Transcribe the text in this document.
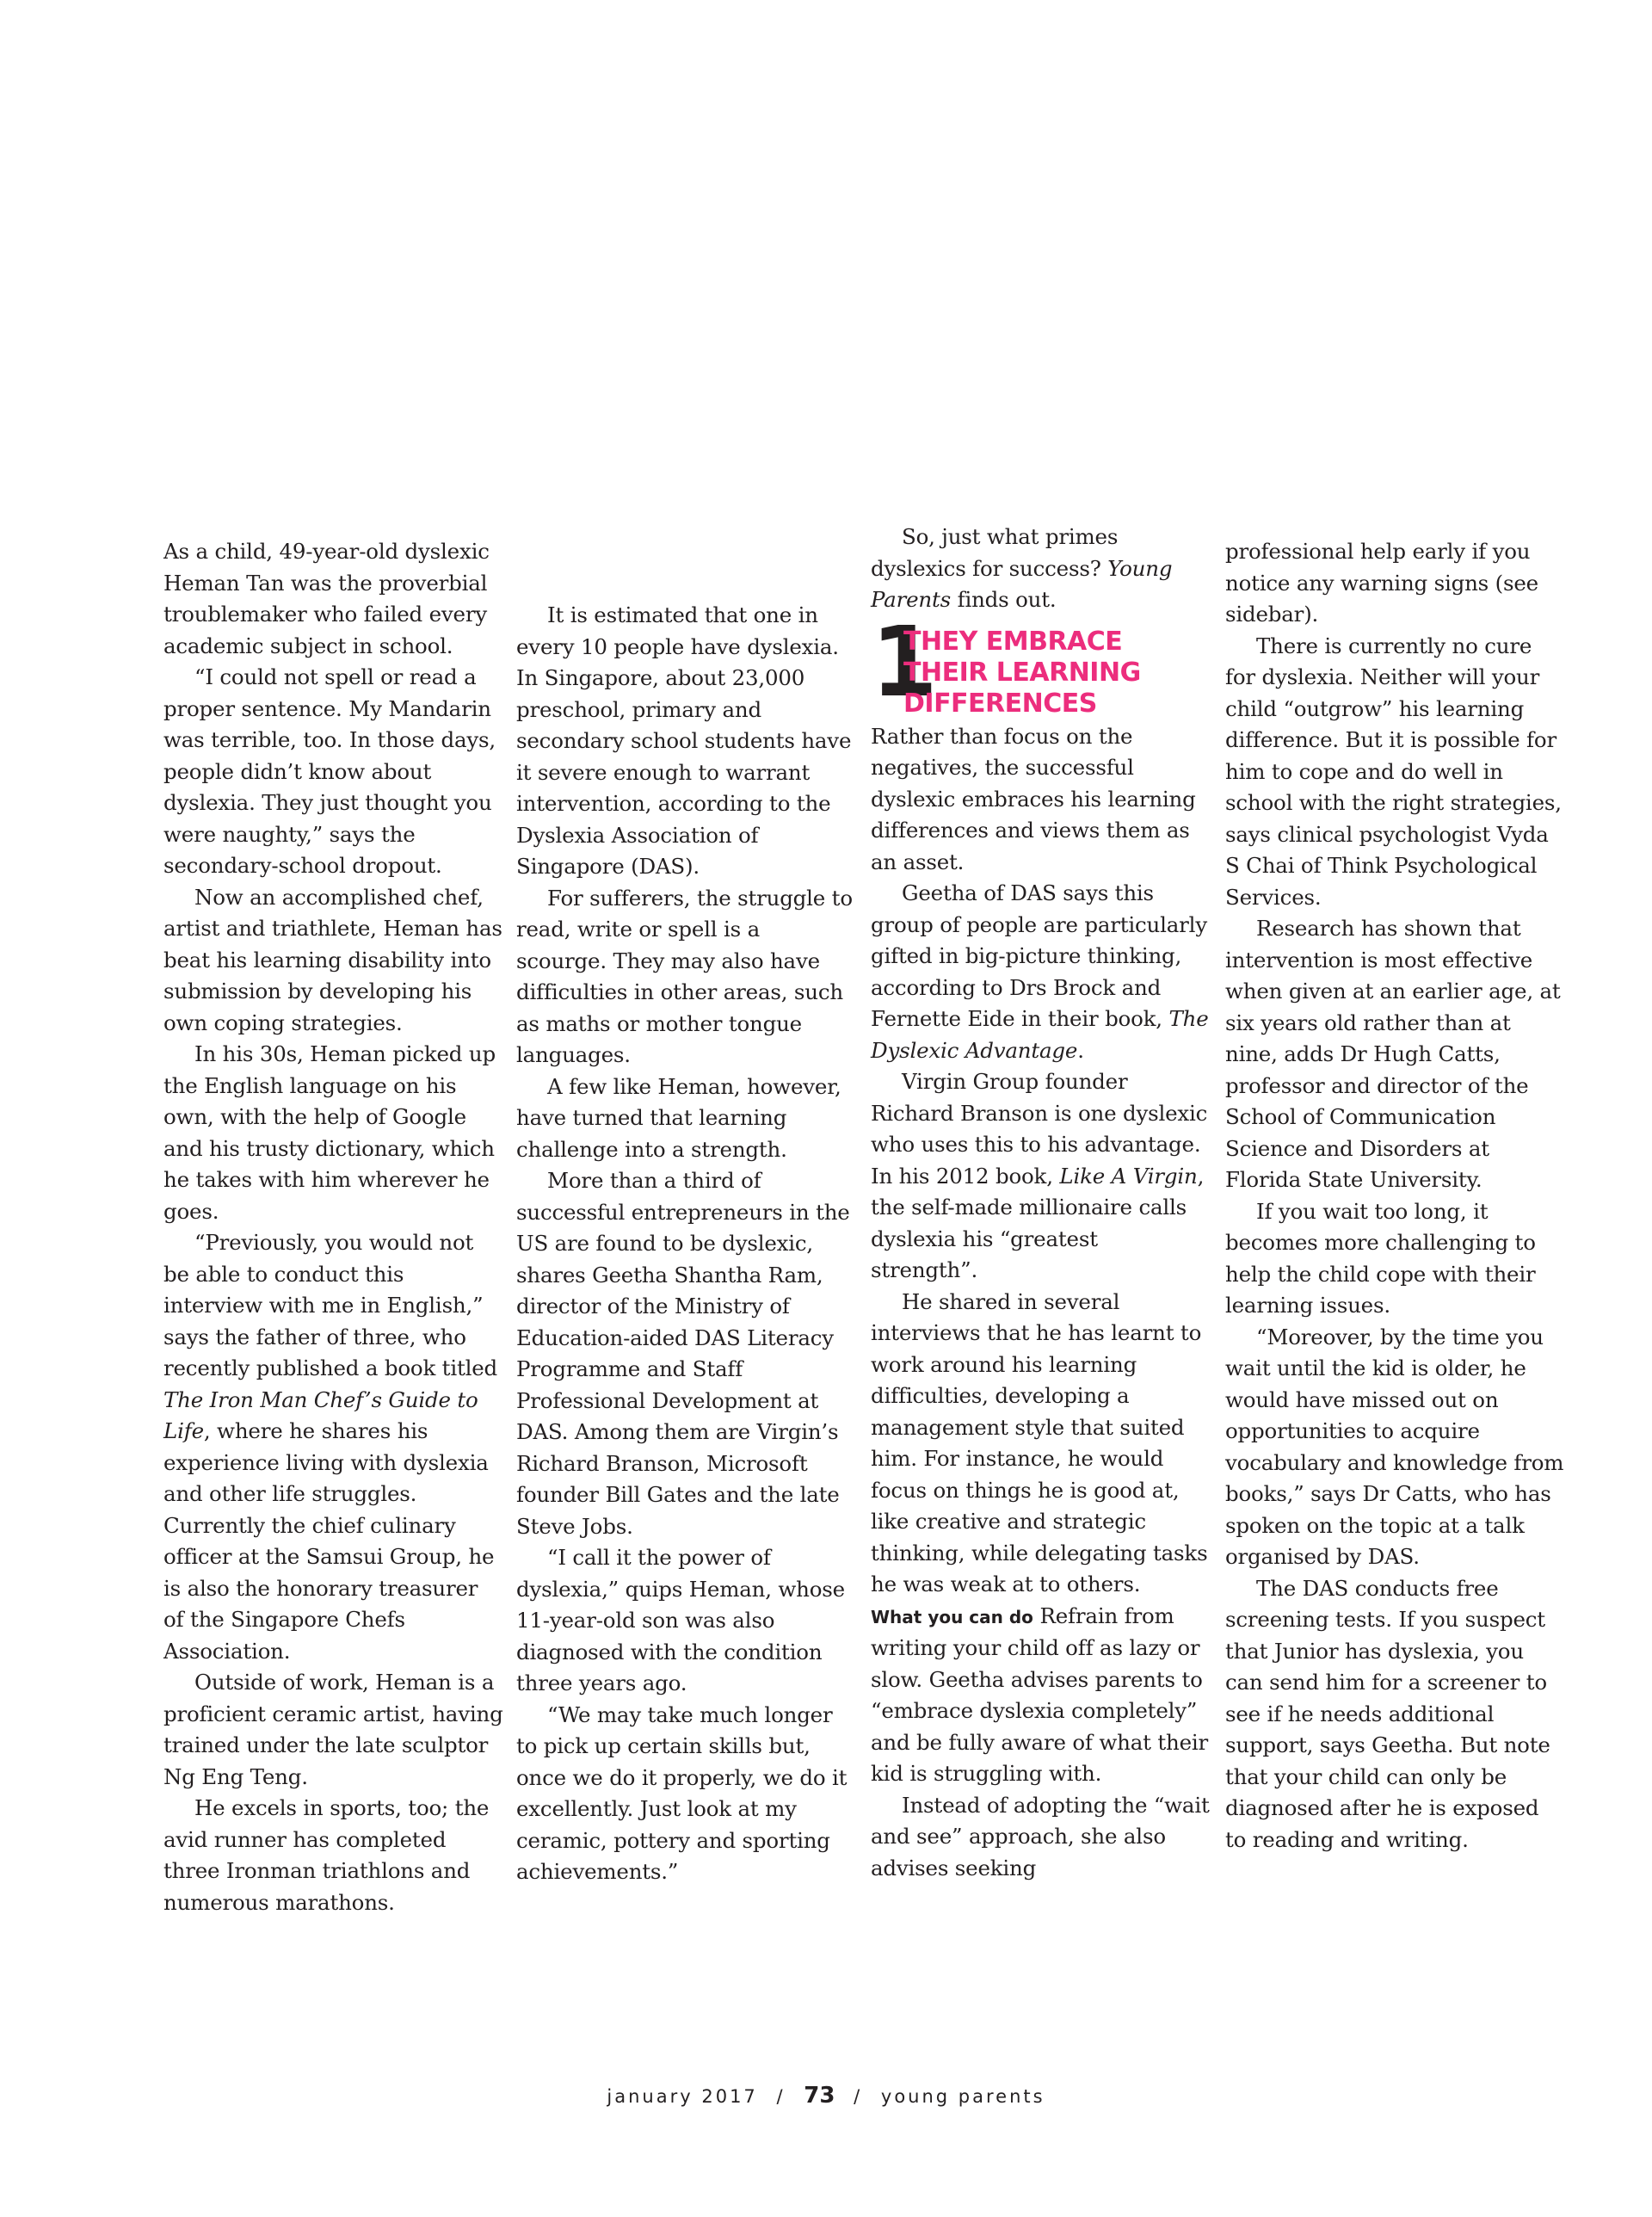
As a child, 49-year-old dyslexic Heman Tan was the proverbial troublemaker who failed every academic subject in school.

“I could not spell or read a proper sentence. My Mandarin was terrible, too. In those days, people didn’t know about dyslexia. They just thought you were naughty,” says the secondary-school dropout.

Now an accomplished chef, artist and triathlete, Heman has beat his learning disability into submission by developing his own coping strategies.

In his 30s, Heman picked up the English language on his own, with the help of Google and his trusty dictionary, which he takes with him wherever he goes.

“Previously, you would not be able to conduct this interview with me in English,” says the father of three, who recently published a book titled The Iron Man Chef’s Guide to Life, where he shares his experience living with dyslexia and other life struggles. Currently the chief culinary officer at the Samsui Group, he is also the honorary treasurer of the Singapore Chefs Association.

Outside of work, Heman is a proficient ceramic artist, having trained under the late sculptor Ng Eng Teng.

He excels in sports, too; the avid runner has completed three Ironman triathlons and numerous marathons.

It is estimated that one in every 10 people have dyslexia. In Singapore, about 23,000 preschool, primary and secondary school students have it severe enough to warrant intervention, according to the Dyslexia Association of Singapore (DAS).

For sufferers, the struggle to read, write or spell is a scourge. They may also have difficulties in other areas, such as maths or mother tongue languages.

A few like Heman, however, have turned that learning challenge into a strength.

More than a third of successful entrepreneurs in the US are found to be dyslexic, shares Geetha Shantha Ram, director of the Ministry of Education-aided DAS Literacy Programme and Staff Professional Development at DAS. Among them are Virgin’s Richard Branson, Microsoft founder Bill Gates and the late Steve Jobs.

“I call it the power of dyslexia,” quips Heman, whose 11-year-old son was also diagnosed with the condition three years ago.

“We may take much longer to pick up certain skills but, once we do it properly, we do it excellently. Just look at my ceramic, pottery and sporting achievements.”

So, just what primes dyslexics for success? Young Parents finds out.

1
THEY EMBRACE
THEIR LEARNING
DIFFERENCES

Rather than focus on the negatives, the successful dyslexic embraces his learning differences and views them as an asset.

Geetha of DAS says this group of people are particularly gifted in big-picture thinking, according to Drs Brock and Fernette Eide in their book, The Dyslexic Advantage.

Virgin Group founder Richard Branson is one dyslexic who uses this to his advantage. In his 2012 book, Like A Virgin, the self-made millionaire calls dyslexia his “greatest strength”.

He shared in several interviews that he has learnt to work around his learning difficulties, developing a management style that suited him. For instance, he would focus on things he is good at, like creative and strategic thinking, while delegating tasks he was weak at to others.

What you can do Refrain from writing your child off as lazy or slow. Geetha advises parents to “embrace dyslexia completely” and be fully aware of what their kid is struggling with.

Instead of adopting the “wait and see” approach, she also advises seeking

professional help early if you notice any warning signs (see sidebar).

There is currently no cure for dyslexia. Neither will your child “outgrow” his learning difference. But it is possible for him to cope and do well in school with the right strategies, says clinical psychologist Vyda S Chai of Think Psychological Services.

Research has shown that intervention is most effective when given at an earlier age, at six years old rather than at nine, adds Dr Hugh Catts, professor and director of the School of Communication Science and Disorders at Florida State University.

If you wait too long, it becomes more challenging to help the child cope with their learning issues.

“Moreover, by the time you wait until the kid is older, he would have missed out on opportunities to acquire vocabulary and knowledge from books,” says Dr Catts, who has spoken on the topic at a talk organised by DAS.

The DAS conducts free screening tests. If you suspect that Junior has dyslexia, you can send him for a screener to see if he needs additional support, says Geetha. But note that your child can only be diagnosed after he is exposed to reading and writing.

january 2017 / 73 / young parents
